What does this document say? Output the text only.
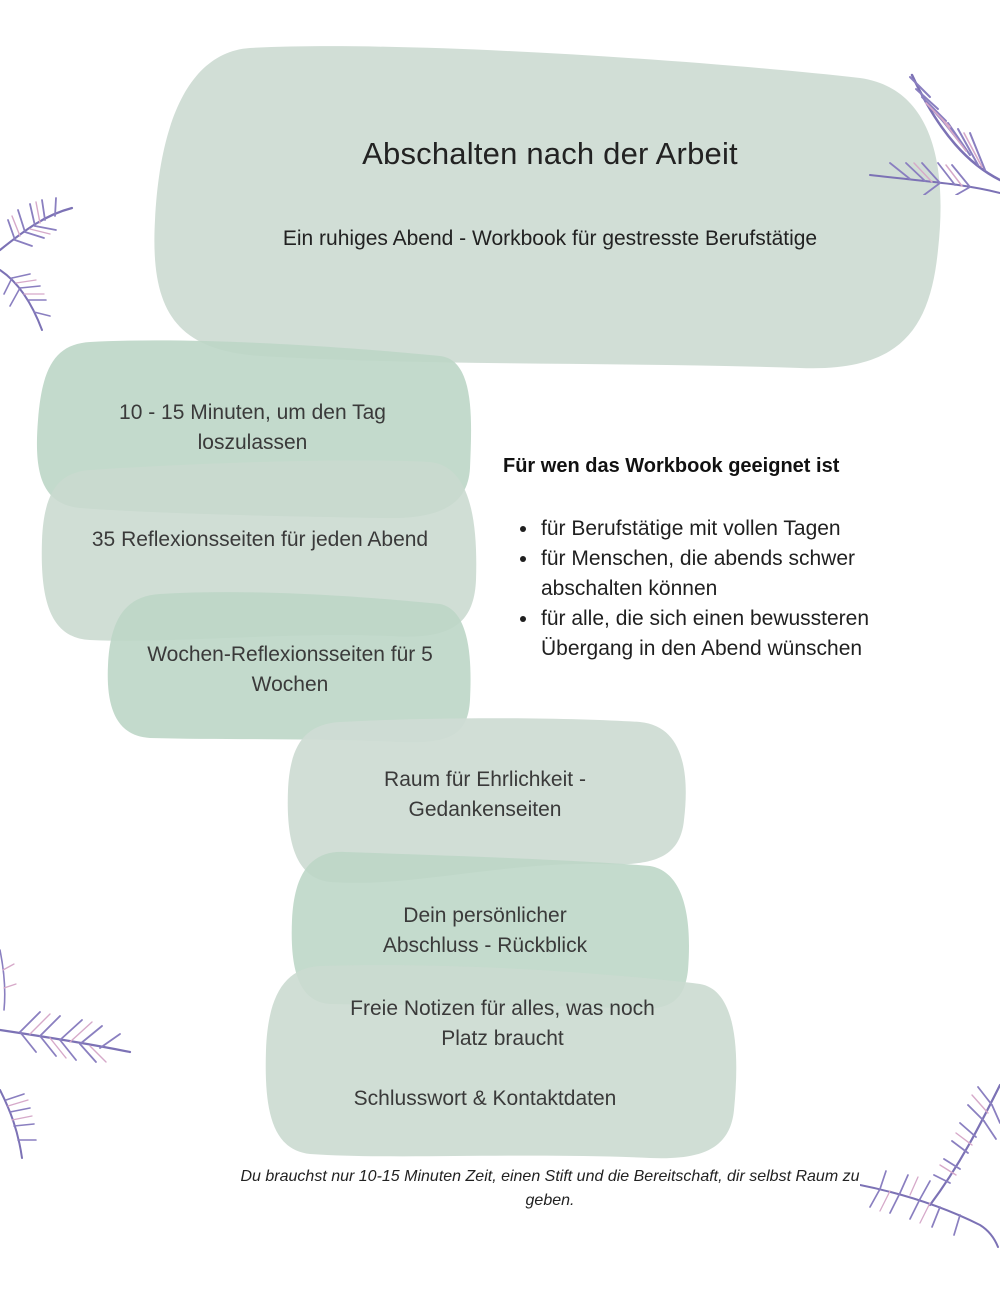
Abschalten nach der Arbeit
Ein ruhiges Abend - Workbook für gestresste Berufstätige
10 - 15 Minuten, um den Tag loszulassen
35 Reflexionsseiten für jeden Abend
Wochen-Reflexionsseiten für 5 Wochen
Raum für Ehrlichkeit - Gedankenseiten
Dein persönlicher Abschluss - Rückblick
Freie Notizen für alles, was noch Platz braucht
Schlusswort & Kontaktdaten
Für wen das Workbook geeignet ist
• für Berufstätige mit vollen Tagen
• für Menschen, die abends schwer abschalten können
• für alle, die sich einen bewussteren Übergang in den Abend wünschen
Du brauchst nur 10-15 Minuten Zeit, einen Stift und die Bereitschaft, dir selbst Raum zu geben.
